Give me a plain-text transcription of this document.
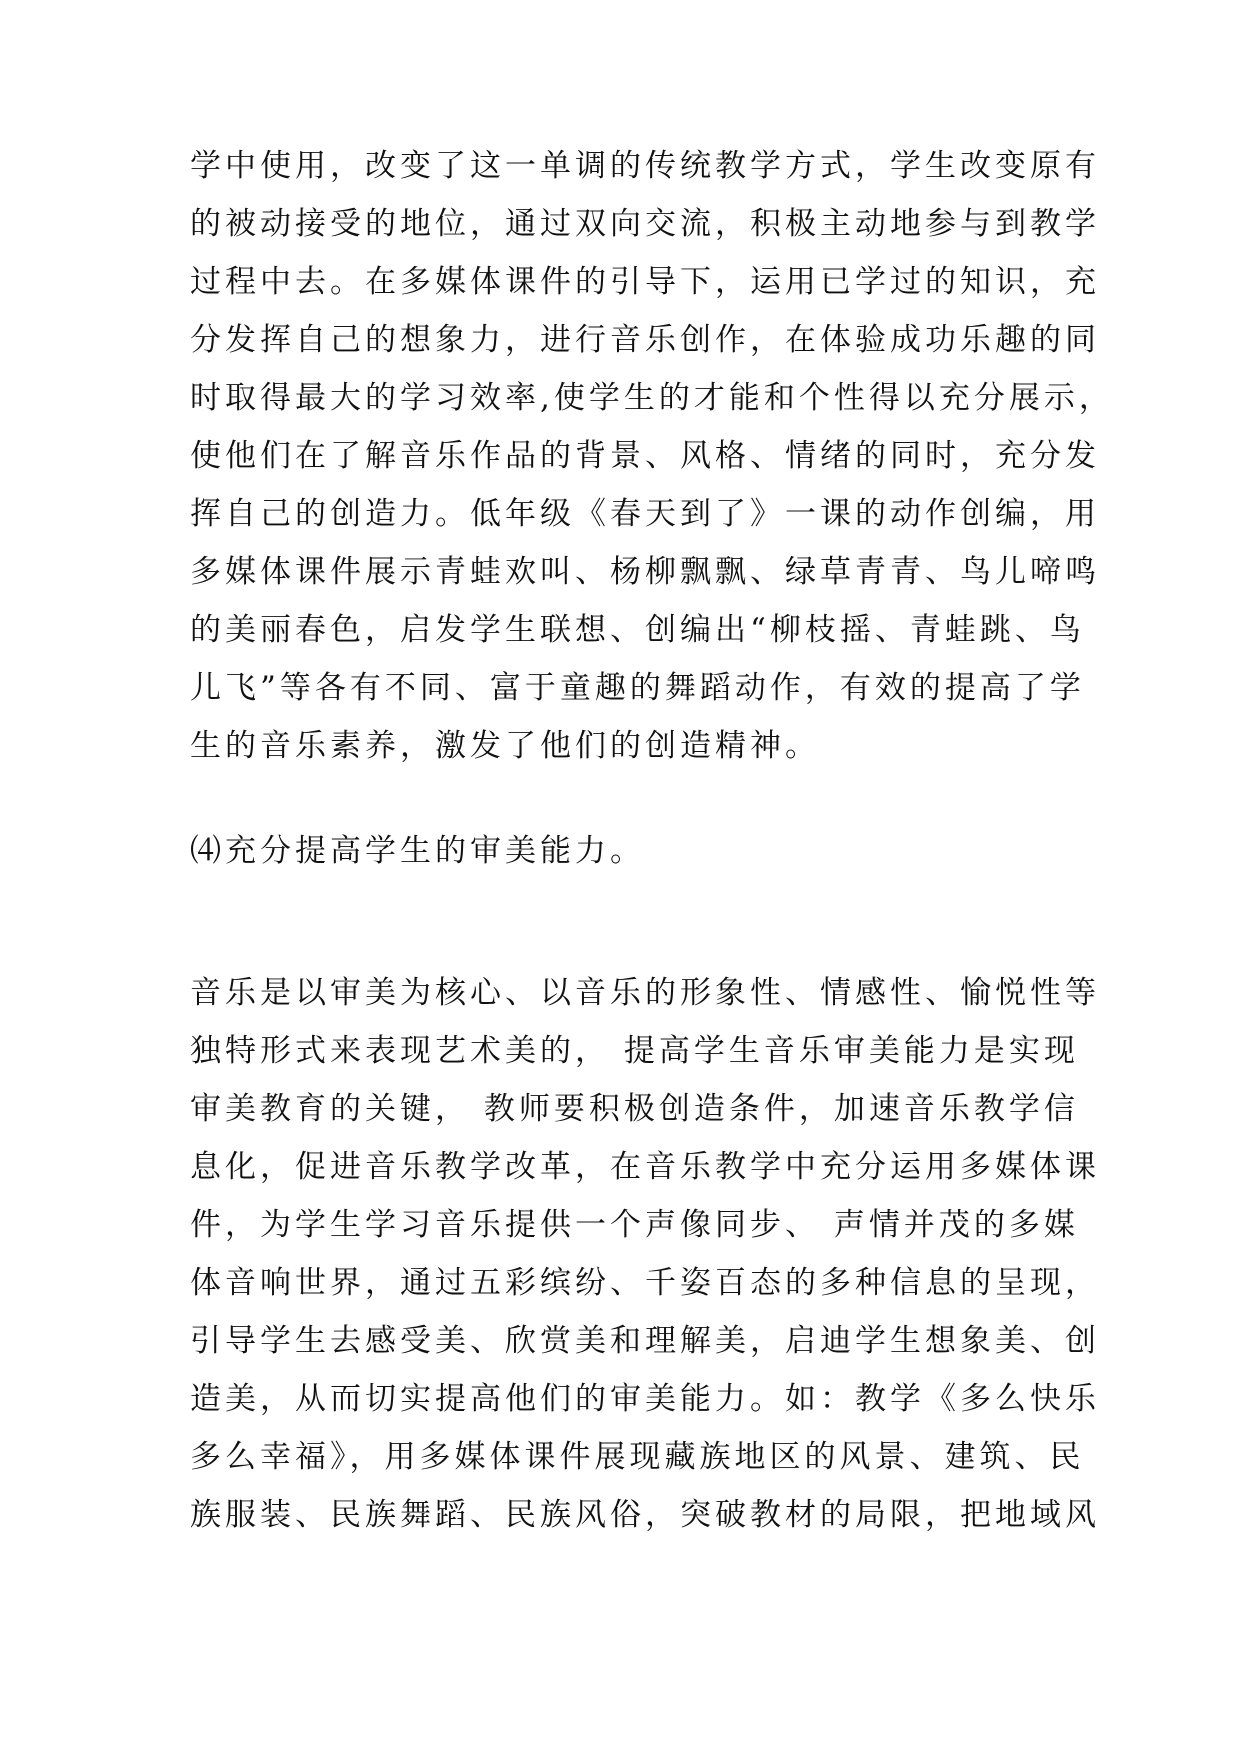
学中使用，改变了这一单调的传统教学方式，学生改变原有
的被动接受的地位，通过双向交流，积极主动地参与到教学
过程中去。在多媒体课件的引导下，运用已学过的知识，充
分发挥自己的想象力，进行音乐创作，在体验成功乐趣的同
时取得最大的学习效率,使学生的才能和个性得以充分展示，
使他们在了解音乐作品的背景、风格、情绪的同时，充分发
挥自己的创造力。低年级《春天到了》一课的动作创编，用
多媒体课件展示青蛙欢叫、杨柳飘飘、绿草青青、鸟儿啼鸣
的美丽春色，启发学生联想、创编出“柳枝摇、青蛙跳、鸟
儿飞”等各有不同、富于童趣的舞蹈动作，有效的提高了学
生的音乐素养，激发了他们的创造精神。
⑷充分提高学生的审美能力。
音乐是以审美为核心、以音乐的形象性、情感性、愉悦性等
独特形式来表现艺术美的， 提高学生音乐审美能力是实现
审美教育的关键， 教师要积极创造条件，加速音乐教学信
息化，促进音乐教学改革，在音乐教学中充分运用多媒体课
件，为学生学习音乐提供一个声像同步、 声情并茂的多媒
体音响世界，通过五彩缤纷、千姿百态的多种信息的呈现，
引导学生去感受美、欣赏美和理解美，启迪学生想象美、创
造美，从而切实提高他们的审美能力。如：教学《多么快乐
多么幸福》，用多媒体课件展现藏族地区的风景、建筑、民
族服装、民族舞蹈、民族风俗，突破教材的局限，把地域风
